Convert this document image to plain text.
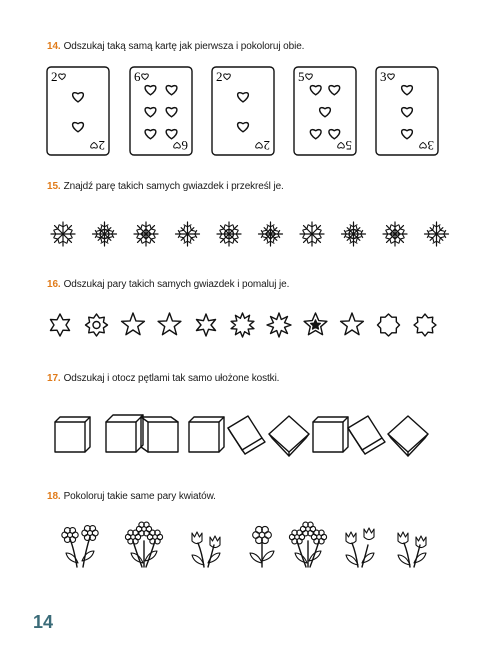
14. Odszukaj taką samą kartę jak pierwsza i pokoloruj obie.
15. Znajdź parę takich samych gwiazdek i przekreśl je.
16. Odszukaj pary takich samych gwiazdek i pomaluj je.
17. Odszukaj i otocz pętlami tak samo ułożone kostki.
18. Pokoloruj takie same pary kwiatów.
2
2
6
6
2
2
5
5
3
3
14
